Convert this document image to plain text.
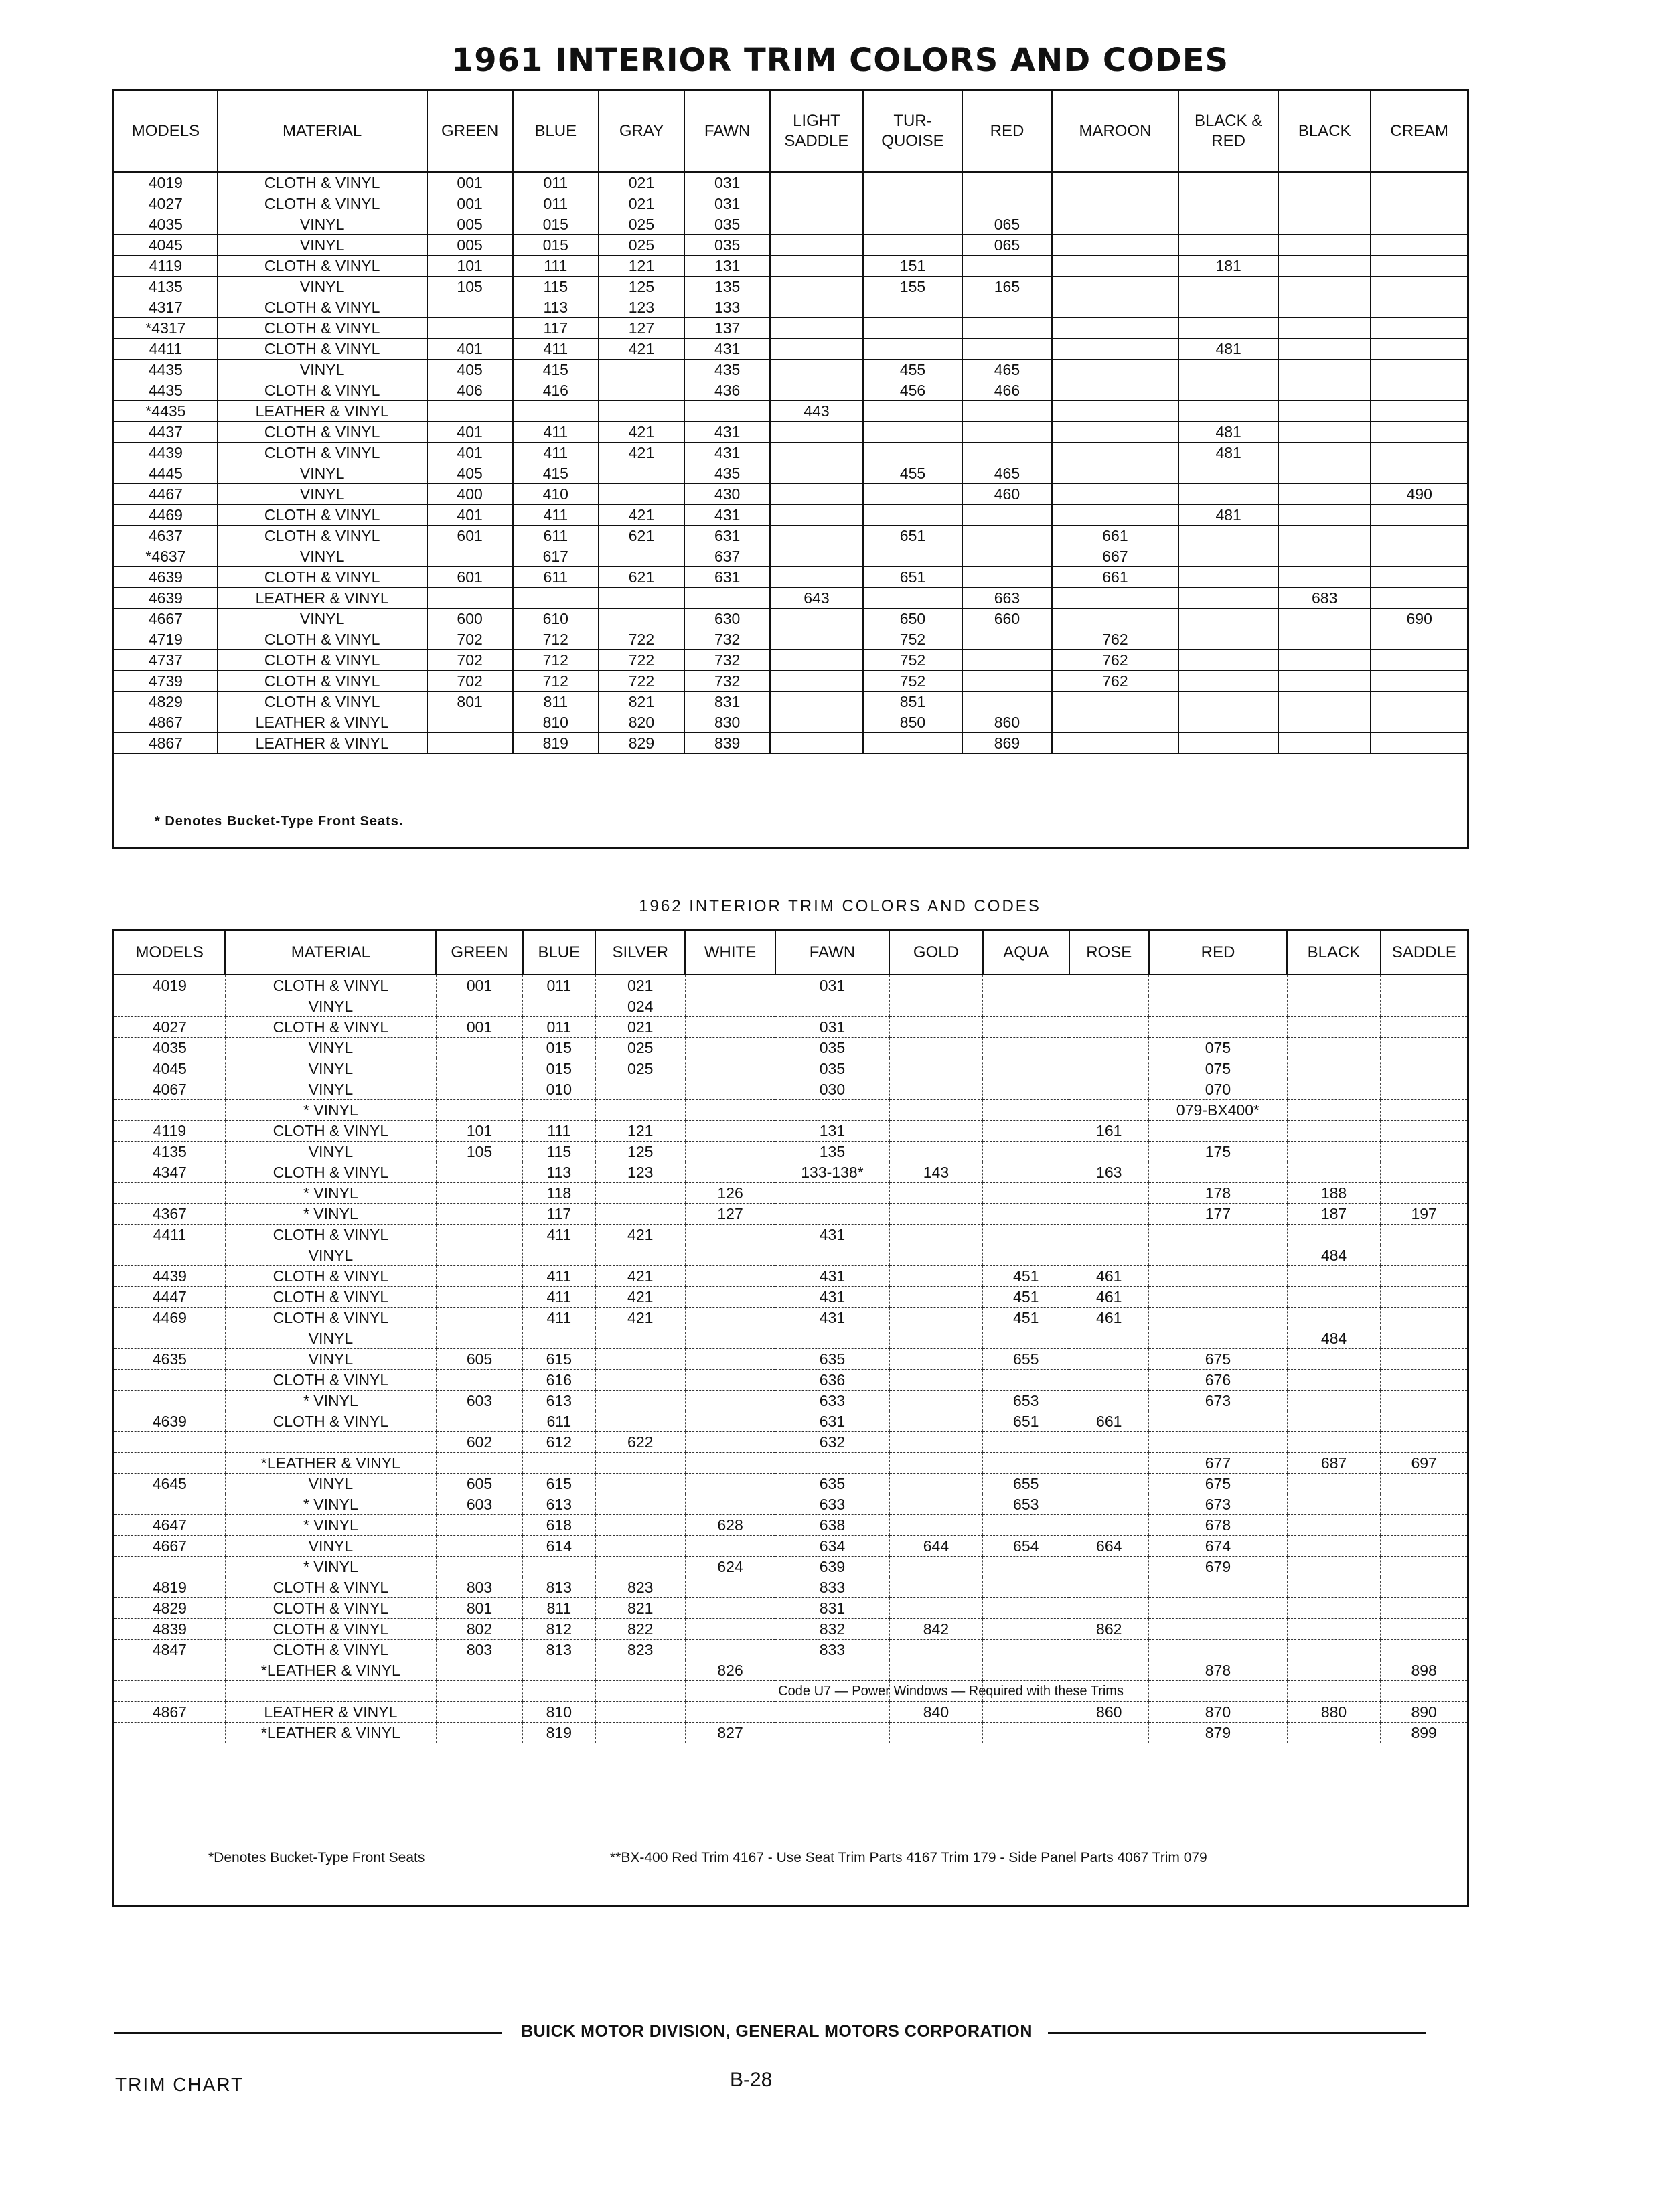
1961 INTERIOR TRIM COLORS AND CODES
MODELS	MATERIAL	GREEN	BLUE	GRAY	FAWN	LIGHT SADDLE	TUR- QUOISE	RED	MAROON	BLACK & RED	BLACK	CREAM
4019	CLOTH & VINYL	001	011	021	031							
4027	CLOTH & VINYL	001	011	021	031							
4035	VINYL	005	015	025	035			065				
4045	VINYL	005	015	025	035			065				
4119	CLOTH & VINYL	101	111	121	131		151			181		
4135	VINYL	105	115	125	135		155	165				
4317	CLOTH & VINYL		113	123	133							
*4317	CLOTH & VINYL		117	127	137							
4411	CLOTH & VINYL	401	411	421	431					481		
4435	VINYL	405	415		435		455	465				
4435	CLOTH & VINYL	406	416		436		456	466				
*4435	LEATHER & VINYL					443						
4437	CLOTH & VINYL	401	411	421	431					481		
4439	CLOTH & VINYL	401	411	421	431					481		
4445	VINYL	405	415		435		455	465				
4467	VINYL	400	410		430			460				490
4469	CLOTH & VINYL	401	411	421	431					481		
4637	CLOTH & VINYL	601	611	621	631		651		661			
*4637	VINYL		617		637				667			
4639	CLOTH & VINYL	601	611	621	631		651		661			
4639	LEATHER & VINYL					643		663			683	
4667	VINYL	600	610		630		650	660				690
4719	CLOTH & VINYL	702	712	722	732		752		762			
4737	CLOTH & VINYL	702	712	722	732		752		762			
4739	CLOTH & VINYL	702	712	722	732		752		762			
4829	CLOTH & VINYL	801	811	821	831		851					
4867	LEATHER & VINYL		810	820	830		850	860				
4867	LEATHER & VINYL		819	829	839			869				
* Denotes Bucket-Type Front Seats.
1962 INTERIOR TRIM COLORS AND CODES
MODELS	MATERIAL	GREEN	BLUE	SILVER	WHITE	FAWN	GOLD	AQUA	ROSE	RED	BLACK	SADDLE
4019	CLOTH & VINYL	001	011	021		031						
	VINYL			024								
4027	CLOTH & VINYL	001	011	021		031						
4035	VINYL		015	025		035				075		
4045	VINYL		015	025		035				075		
4067	VINYL		010			030				070		
	* VINYL									079-BX400*		
4119	CLOTH & VINYL	101	111	121		131			161			
4135	VINYL	105	115	125		135				175		
4347	CLOTH & VINYL		113	123		133-138*	143		163			
	* VINYL		118		126					178	188	
4367	* VINYL		117		127					177	187	197
4411	CLOTH & VINYL		411	421		431						
	VINYL										484	
4439	CLOTH & VINYL		411	421		431		451	461			
4447	CLOTH & VINYL		411	421		431		451	461			
4469	CLOTH & VINYL		411	421		431		451	461			
	VINYL										484	
4635	VINYL	605	615			635		655		675		
	CLOTH & VINYL		616			636				676		
	* VINYL	603	613			633		653		673		
4639	CLOTH & VINYL		611			631		651	661			
		602	612	622		632						
	*LEATHER & VINYL									677	687	697
4645	VINYL	605	615			635		655		675		
	* VINYL	603	613			633		653		673		
4647	* VINYL		618		628	638				678		
4667	VINYL		614			634	644	654	664	674		
	* VINYL				624	639				679		
4819	CLOTH & VINYL	803	813	823		833						
4829	CLOTH & VINYL	801	811	821		831						
4839	CLOTH & VINYL	802	812	822		832	842		862			
4847	CLOTH & VINYL	803	813	823		833						
	*LEATHER & VINYL				826					878		898
						Code U7 — Power Windows — Required with these Trims						
4867	LEATHER & VINYL		810				840		860	870	880	890
	*LEATHER & VINYL		819		827					879		899
*Denotes Bucket-Type Front Seats	**BX-400 Red Trim 4167 - Use Seat Trim Parts 4167 Trim 179 - Side Panel Parts 4067 Trim 079
BUICK MOTOR DIVISION, GENERAL MOTORS CORPORATION
TRIM CHART	B-28
